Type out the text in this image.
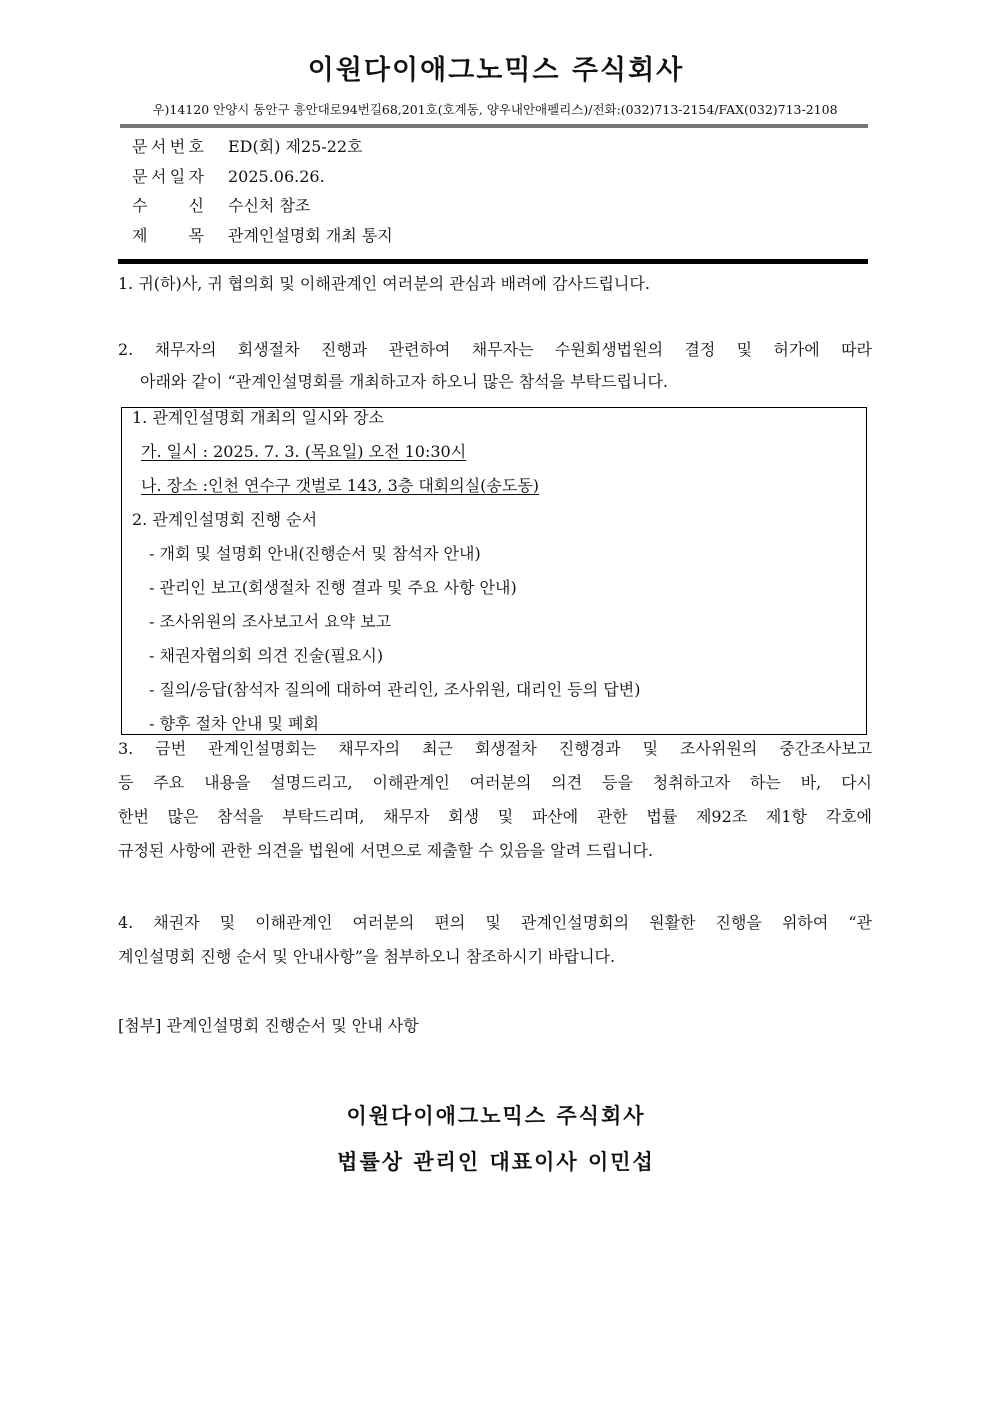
이원다이애그노믹스 주식회사
우)14120 안양시 동안구 흥안대로94번길68,201호(호계동, 양우내안애펠리스)/전화:(032)713-2154/FAX(032)713-2108
문 서 번 호 ED(회) 제25-22호
문 서 일 자 2025.06.26.
수	신 수신처 참조
제	목 관계인설명회 개최 통지
1. 귀(하)사, 귀 협의회 및 이해관계인 여러분의 관심과 배려에 감사드립니다.
2. 채무자의 회생절차 진행과 관련하여 채무자는 수원회생법원의 결정 및 허가에 따라
아래와 같이 “관계인설명회를 개최하고자 하오니 많은 참석을 부탁드립니다.
1. 관계인설명회 개최의 일시와 장소
가. 일시 : 2025. 7. 3. (목요일) 오전 10:30시
나. 장소 :인천 연수구 갯벌로 143, 3층 대회의실(송도동)
2. 관계인설명회 진행 순서
- 개회 및 설명회 안내(진행순서 및 참석자 안내)
- 관리인 보고(회생절차 진행 결과 및 주요 사항 안내)
- 조사위원의 조사보고서 요약 보고
- 채권자협의회 의견 진술(필요시)
- 질의/응답(참석자 질의에 대하여 관리인, 조사위원, 대리인 등의 답변)
- 향후 절차 안내 및 폐회
3. 금번 관계인설명회는 채무자의 최근 회생절차 진행경과 및 조사위원의 중간조사보고
등 주요 내용을 설명드리고, 이해관계인 여러분의 의견 등을 청취하고자 하는 바, 다시
한번 많은 참석을 부탁드리며, 채무자 회생 및 파산에 관한 법률 제92조 제1항 각호에
규정된 사항에 관한 의견을 법원에 서면으로 제출할 수 있음을 알려 드립니다.
4. 채권자 및 이해관계인 여러분의 편의 및 관계인설명회의 원활한 진행을 위하여 “관
계인설명회 진행 순서 및 안내사항”을 첨부하오니 참조하시기 바랍니다.
[첨부] 관계인설명회 진행순서 및 안내 사항
이원다이애그노믹스 주식회사
법률상 관리인 대표이사 이민섭
